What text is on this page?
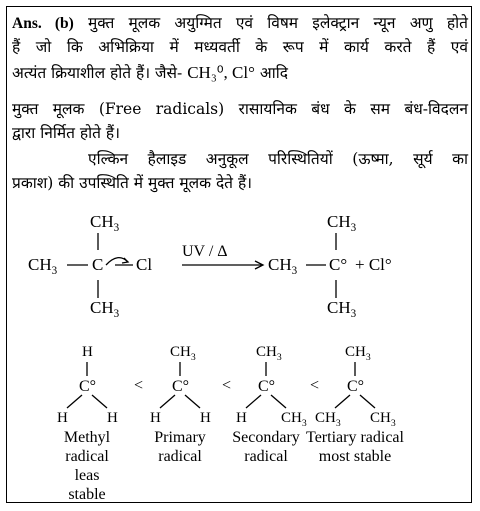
Ans. (b) मुक्त मूलक अयुग्मित एवं विषम इलेक्ट्रान न्यून अणु होते
हैं जो कि अभिक्रिया में मध्यवर्ती के रूप में कार्य करते हैं एवं
अत्यंत क्रियाशील होते हैं। जैसे- CH₃⁰, Cl° आदि
मुक्त मूलक (Free radicals) रासायनिक बंध के सम बंध-विदलन
द्वारा निर्मित होते हैं।
एल्किन हैलाइड अनुकूल परिस्थितियों (ऊष्मा, सूर्य का
प्रकाश) की उपस्थिति में मुक्त मूलक देते हैं।
$CH_3$
$CH_3$ C Cl
$CH_3$
UV / Δ
$CH_3$
$CH_3$ C° + Cl°
$CH_3$
H
C°
H	H
Methyl
radical
leas
stable
$CH_3$
C°
H	H
Primary
radical
$CH_3$
C°
H $CH_3$
Secondary
radical
$CH_3$
C°
$CH_3$ $CH_3$
Tertiary radical
most stable
<	<	<
